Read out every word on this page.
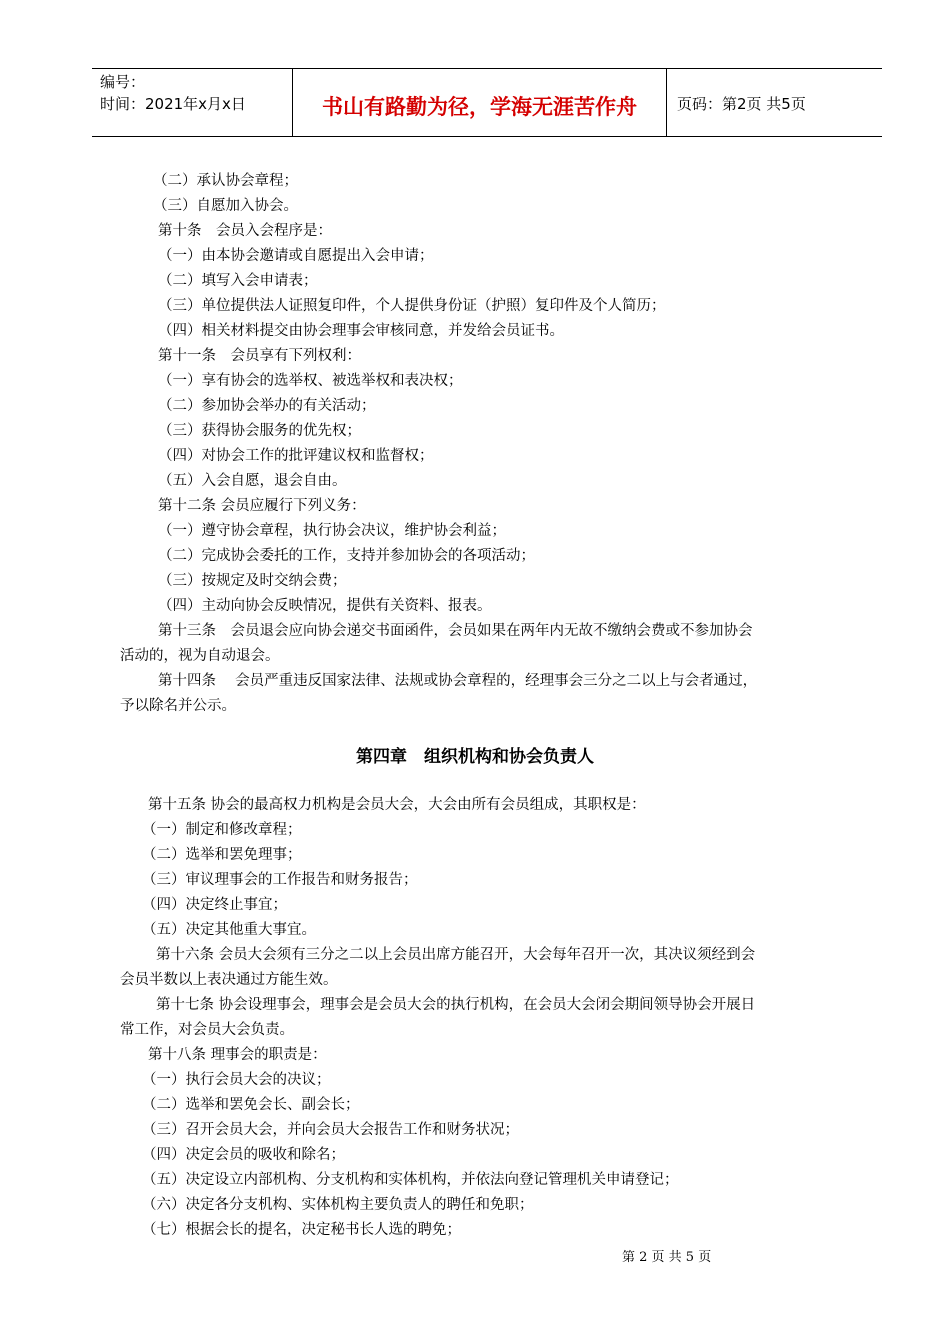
编号：
时间：2021年x月x日	书山有路勤为径，学海无涯苦作舟	页码：第2页 共5页
（二）承认协会章程；
（三）自愿加入协会。
第十条　会员入会程序是：
（一）由本协会邀请或自愿提出入会申请；
（二）填写入会申请表；
（三）单位提供法人证照复印件，个人提供身份证（护照）复印件及个人简历；
（四）相关材料提交由协会理事会审核同意，并发给会员证书。
第十一条　会员享有下列权利：
（一）享有协会的选举权、被选举权和表决权；
（二）参加协会举办的有关活动；
（三）获得协会服务的优先权；
（四）对协会工作的批评建议权和监督权；
（五）入会自愿，退会自由。
第十二条 会员应履行下列义务：
（一）遵守协会章程，执行协会决议，维护协会利益；
（二）完成协会委托的工作，支持并参加协会的各项活动；
（三）按规定及时交纳会费；
（四）主动向协会反映情况，提供有关资料、报表。
第十三条　会员退会应向协会递交书面函件，会员如果在两年内无故不缴纳会费或不参加协会
活动的，视为自动退会。
第十四条　 会员严重违反国家法律、法规或协会章程的，经理事会三分之二以上与会者通过，
予以除名并公示。
第四章　组织机构和协会负责人
第十五条 协会的最高权力机构是会员大会，大会由所有会员组成，其职权是：
（一）制定和修改章程；
（二）选举和罢免理事；
（三）审议理事会的工作报告和财务报告；
（四）决定终止事宜；
（五）决定其他重大事宜。
第十六条 会员大会须有三分之二以上会员出席方能召开，大会每年召开一次，其决议须经到会
会员半数以上表决通过方能生效。
第十七条 协会设理事会，理事会是会员大会的执行机构，在会员大会闭会期间领导协会开展日
常工作，对会员大会负责。
第十八条 理事会的职责是：
（一）执行会员大会的决议；
（二）选举和罢免会长、副会长；
（三）召开会员大会，并向会员大会报告工作和财务状况；
（四）决定会员的吸收和除名；
（五）决定设立内部机构、分支机构和实体机构，并依法向登记管理机关申请登记；
（六）决定各分支机构、实体机构主要负责人的聘任和免职；
（七）根据会长的提名，决定秘书长人选的聘免；
第 2 页 共 5 页
